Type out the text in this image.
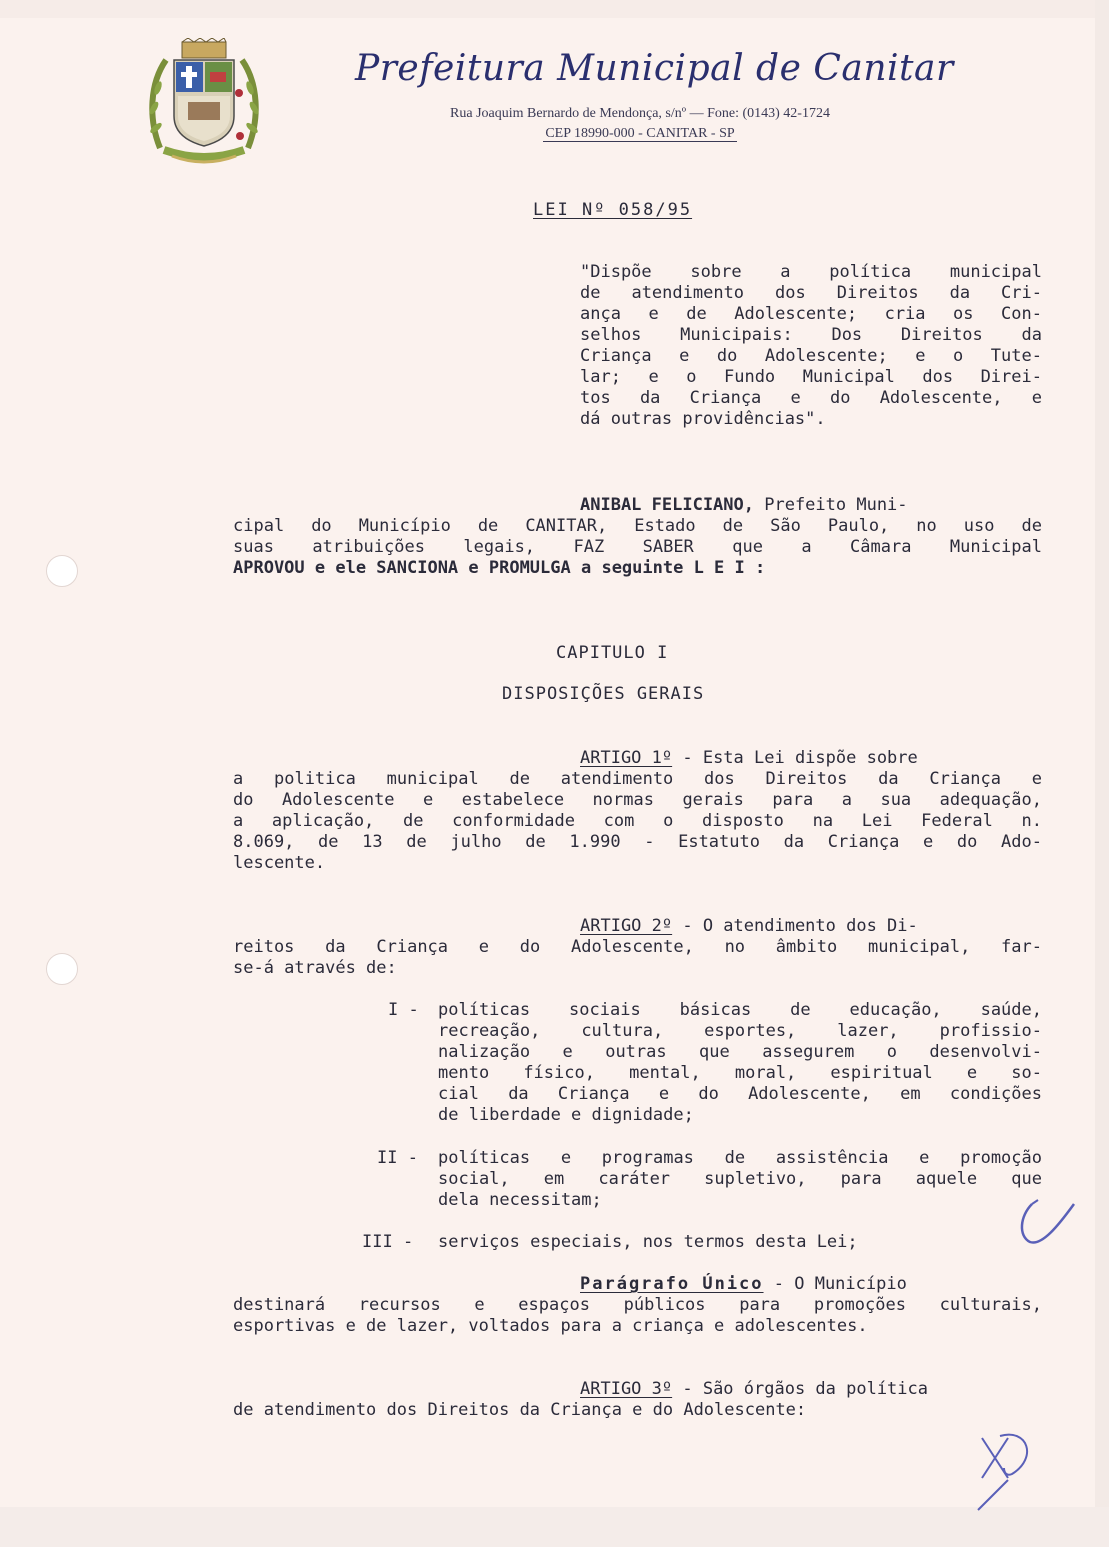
Prefeitura Municipal de Canitar
Rua Joaquim Bernardo de Mendonça, s/nº — Fone: (0143) 42-1724
CEP 18990-000 - CANITAR - SP
LEI Nº 058/95
"Dispõe sobre a política municipal
de atendimento dos Direitos da Cri-
ança e de Adolescente; cria os Con-
selhos Municipais: Dos Direitos da
Criança e do Adolescente; e o Tute-
lar; e o Fundo Municipal dos Direi-
tos da Criança e do Adolescente, e
dá outras providências".
ANIBAL FELICIANO, Prefeito Muni-
cipal do Município de CANITAR, Estado de São Paulo, no uso de
suas atribuições legais, FAZ SABER que a Câmara Municipal
APROVOU e ele SANCIONA e PROMULGA a seguinte L E I :
CAPITULO I
DISPOSIÇÕES GERAIS
ARTIGO 1º - Esta Lei dispõe sobre
a politica municipal de atendimento dos Direitos da Criança e
do Adolescente e estabelece normas gerais para a sua adequação,
a aplicação, de conformidade com o disposto na Lei Federal n.
8.069, de 13 de julho de 1.990 - Estatuto da Criança e do Ado-
lescente.
ARTIGO 2º - O atendimento dos Di-
reitos da Criança e do Adolescente, no âmbito municipal, far-
se-á através de:
I - políticas sociais básicas de educação, saúde,
recreação, cultura, esportes, lazer, profissio-
nalização e outras que assegurem o desenvolvi-
mento físico, mental, moral, espiritual e so-
cial da Criança e do Adolescente, em condições
de liberdade e dignidade;
II - políticas e programas de assistência e promoção
social, em caráter supletivo, para aquele que
dela necessitam;
III - serviços especiais, nos termos desta Lei;
Parágrafo Único - O Município
destinará recursos e espaços públicos para promoções culturais,
esportivas e de lazer, voltados para a criança e adolescentes.
ARTIGO 3º - São órgãos da política
de atendimento dos Direitos da Criança e do Adolescente:
